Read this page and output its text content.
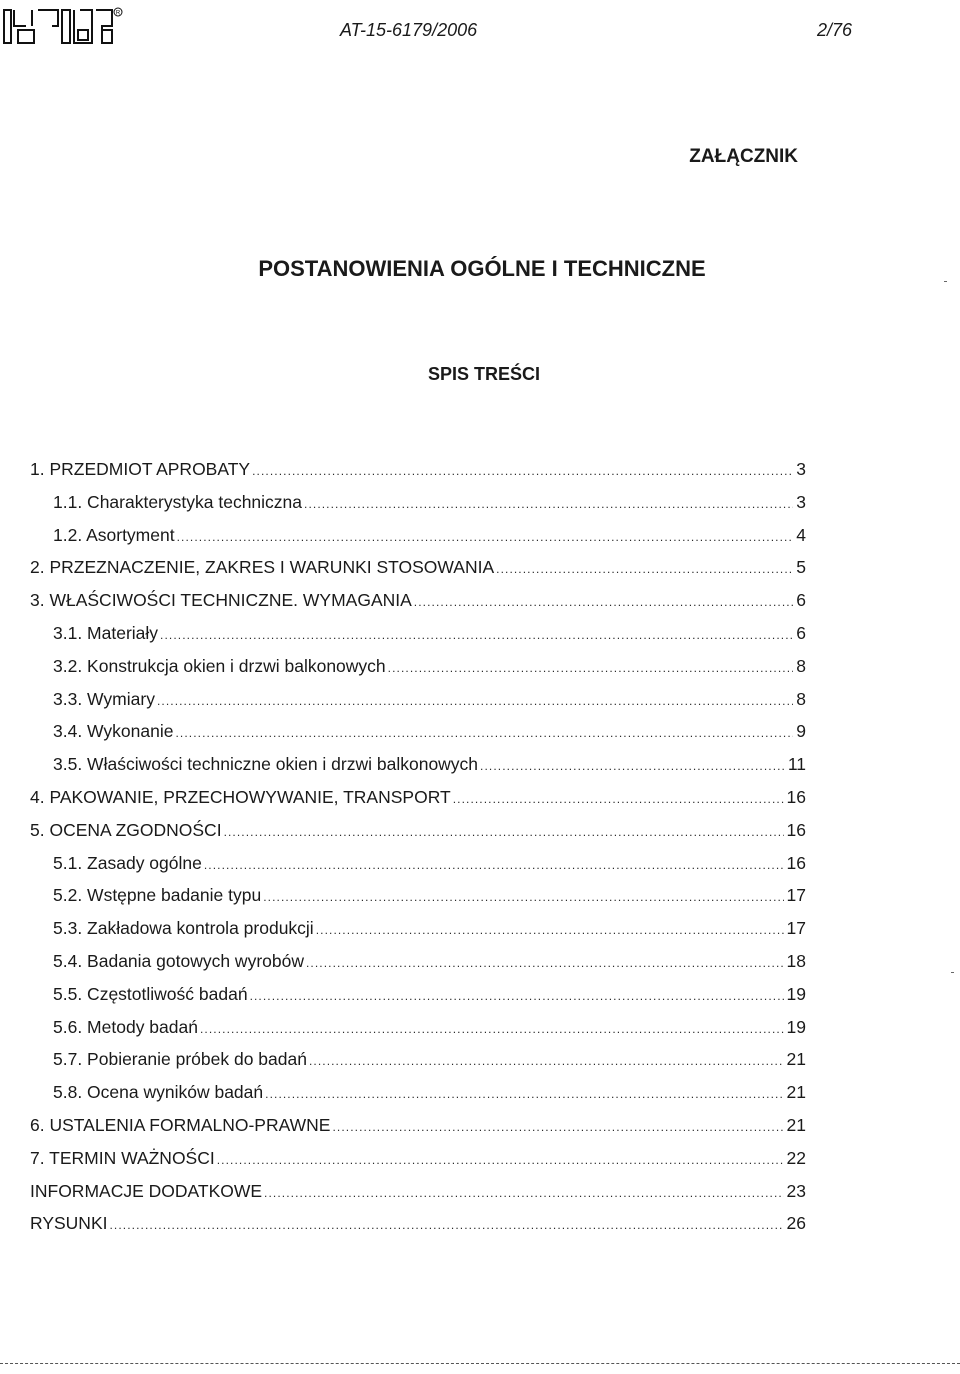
R
AT-15-6179/2006	2/76
ZAŁĄCZNIK
POSTANOWIENIA OGÓLNE I TECHNICZNE
SPIS TREŚCI
1. PRZEDMIOT APROBATY .....	3
1.1. Charakterystyka techniczna .....	3
1.2. Asortyment .....	4
2. PRZEZNACZENIE, ZAKRES I WARUNKI STOSOWANIA .....	5
3. WŁAŚCIWOŚCI TECHNICZNE. WYMAGANIA .....	6
3.1. Materiały .....	6
3.2. Konstrukcja okien i drzwi balkonowych .....	8
3.3. Wymiary .....	8
3.4. Wykonanie .....	9
3.5. Właściwości techniczne okien i drzwi balkonowych .....	11
4. PAKOWANIE, PRZECHOWYWANIE, TRANSPORT .....	16
5. OCENA ZGODNOŚCI .....	16
5.1. Zasady ogólne .....	16
5.2. Wstępne badanie typu .....	17
5.3. Zakładowa kontrola produkcji .....	17
5.4. Badania gotowych wyrobów .....	18
5.5. Częstotliwość badań .....	19
5.6. Metody badań .....	19
5.7. Pobieranie próbek do badań .....	21
5.8. Ocena wyników badań .....	21
6. USTALENIA FORMALNO-PRAWNE .....	21
7. TERMIN WAŻNOŚCI .....	22
INFORMACJE DODATKOWE .....	23
RYSUNKI .....	26
